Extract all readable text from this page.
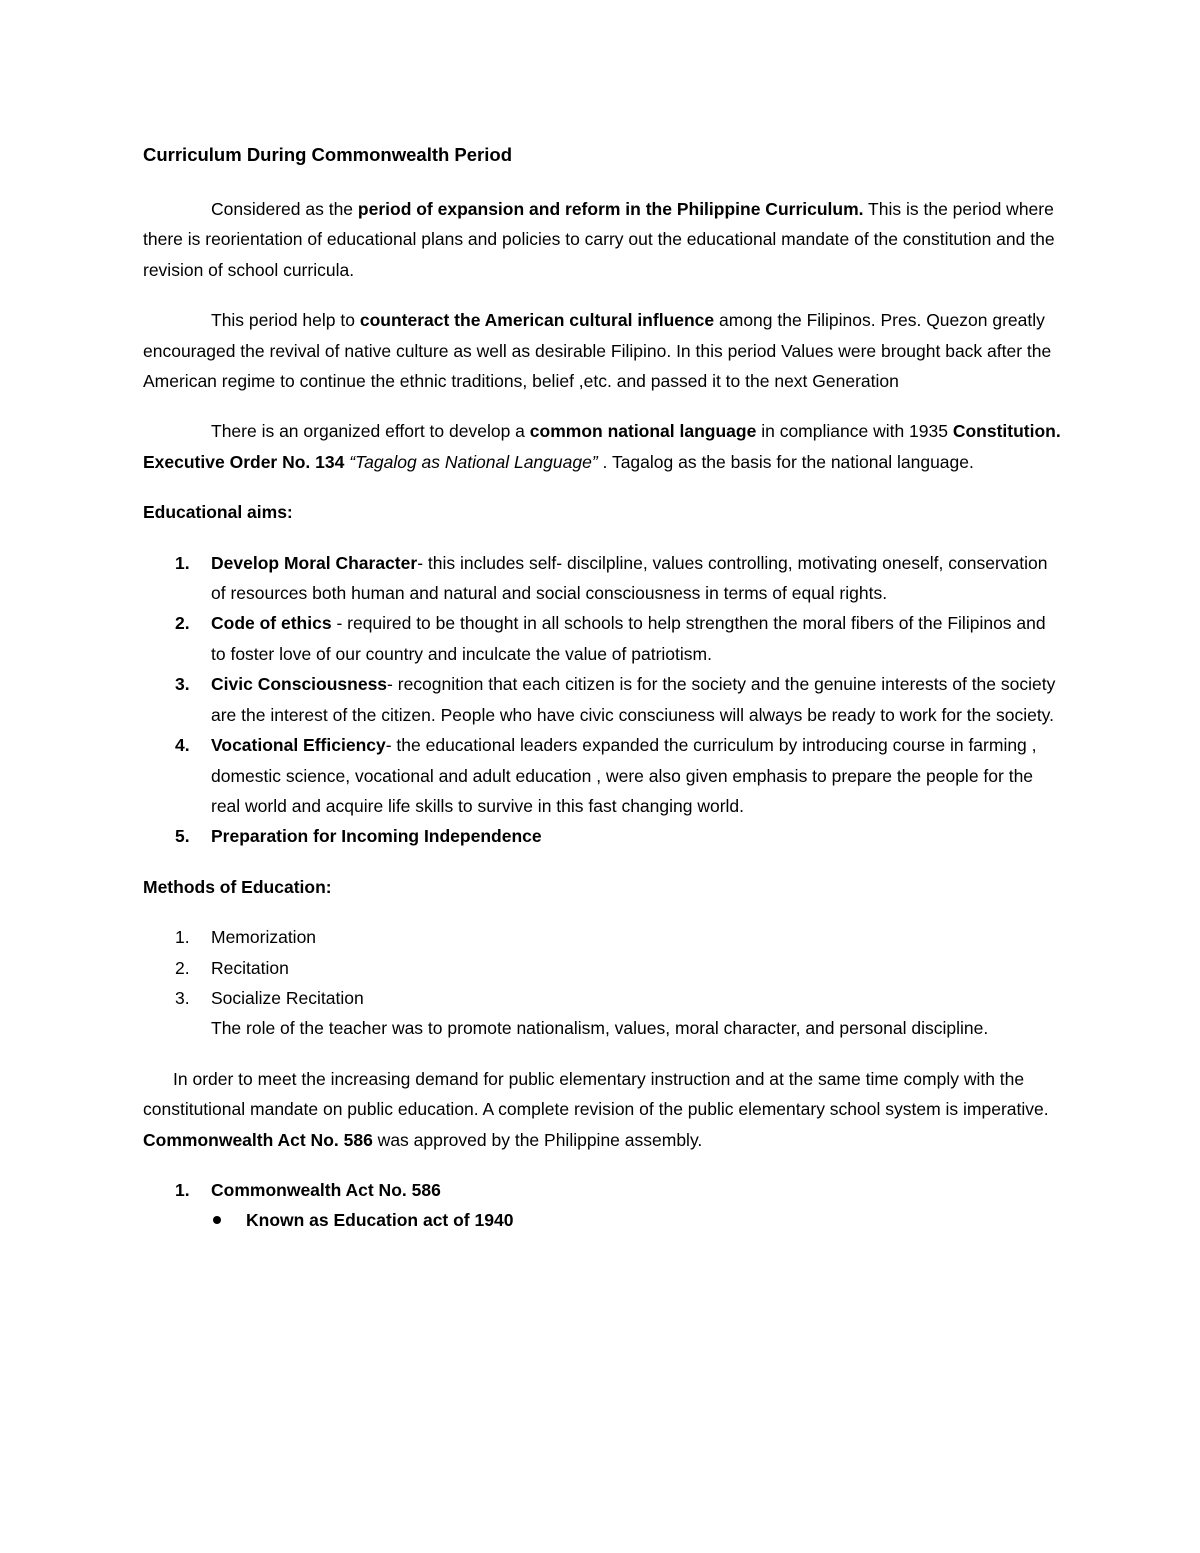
Curriculum During Commonwealth Period

Considered as the period of expansion and reform in the Philippine Curriculum. This is the period where there is reorientation of educational plans and policies to carry out the educational mandate of the constitution and the revision of school curricula.

This period help to counteract the American cultural influence among the Filipinos. Pres. Quezon greatly encouraged the revival of native culture as well as desirable Filipino. In this period Values were brought back after the American regime to continue the ethnic traditions, belief ,etc. and passed it to the next Generation

There is an organized effort to develop a common national language in compliance with 1935 Constitution. Executive Order No. 134 “Tagalog as National Language” . Tagalog as the basis for the national language.

Educational aims:
1. Develop Moral Character- this includes self- discilpline, values controlling, motivating oneself, conservation of resources both human and natural and social consciousness in terms of equal rights.
2. Code of ethics - required to be thought in all schools to help strengthen the moral fibers of the Filipinos and to foster love of our country and inculcate the value of patriotism.
3. Civic Consciousness- recognition that each citizen is for the society and the genuine interests of the society are the interest of the citizen. People who have civic consciuness will always be ready to work for the society.
4. Vocational Efficiency- the educational leaders expanded the curriculum by introducing course in farming , domestic science, vocational and adult education , were also given emphasis to prepare the people for the real world and acquire life skills to survive in this fast changing world.
5. Preparation for Incoming Independence
Methods of Education:
1. Memorization
2. Recitation
3. Socialize Recitation
The role of the teacher was to promote nationalism, values, moral character, and personal discipline.

In order to meet the increasing demand for public elementary instruction and at the same time comply with the constitutional mandate on public education. A complete revision of the public elementary school system is imperative. Commonwealth Act No. 586 was approved by the Philippine assembly.

1. Commonwealth Act No. 586
Known as Education act of 1940
